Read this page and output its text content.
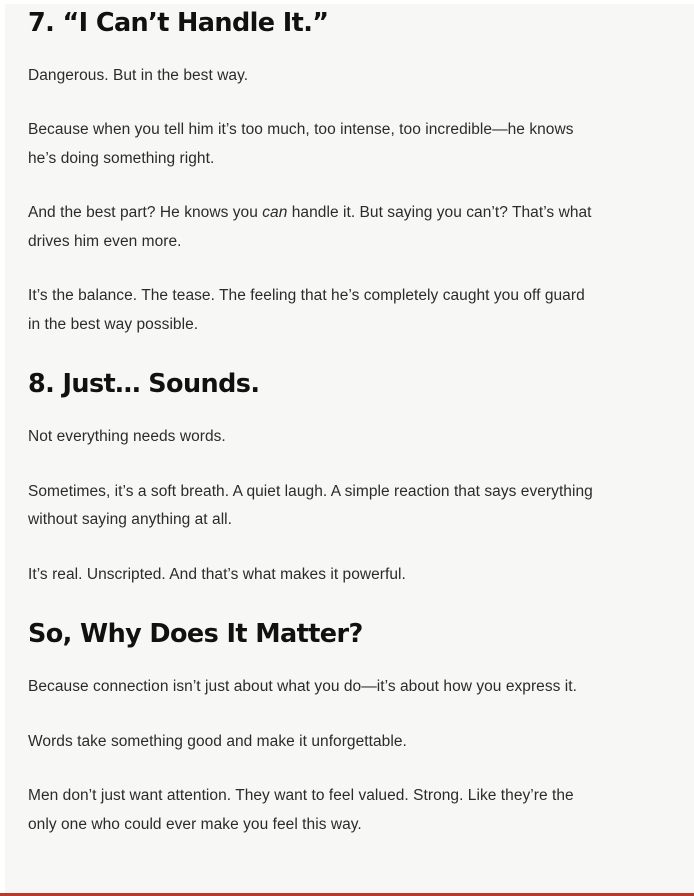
7. “I Can’t Handle It.”

Dangerous. But in the best way.

Because when you tell him it’s too much, too intense, too incredible—he knows he’s doing something right.

And the best part? He knows you can handle it. But saying you can’t? That’s what drives him even more.

It’s the balance. The tease. The feeling that he’s completely caught you off guard in the best way possible.

8. Just… Sounds.

Not everything needs words.

Sometimes, it’s a soft breath. A quiet laugh. A simple reaction that says everything without saying anything at all.

It’s real. Unscripted. And that’s what makes it powerful.

So, Why Does It Matter?

Because connection isn’t just about what you do—it’s about how you express it.

Words take something good and make it unforgettable.

Men don’t just want attention. They want to feel valued. Strong. Like they’re the only one who could ever make you feel this way.
